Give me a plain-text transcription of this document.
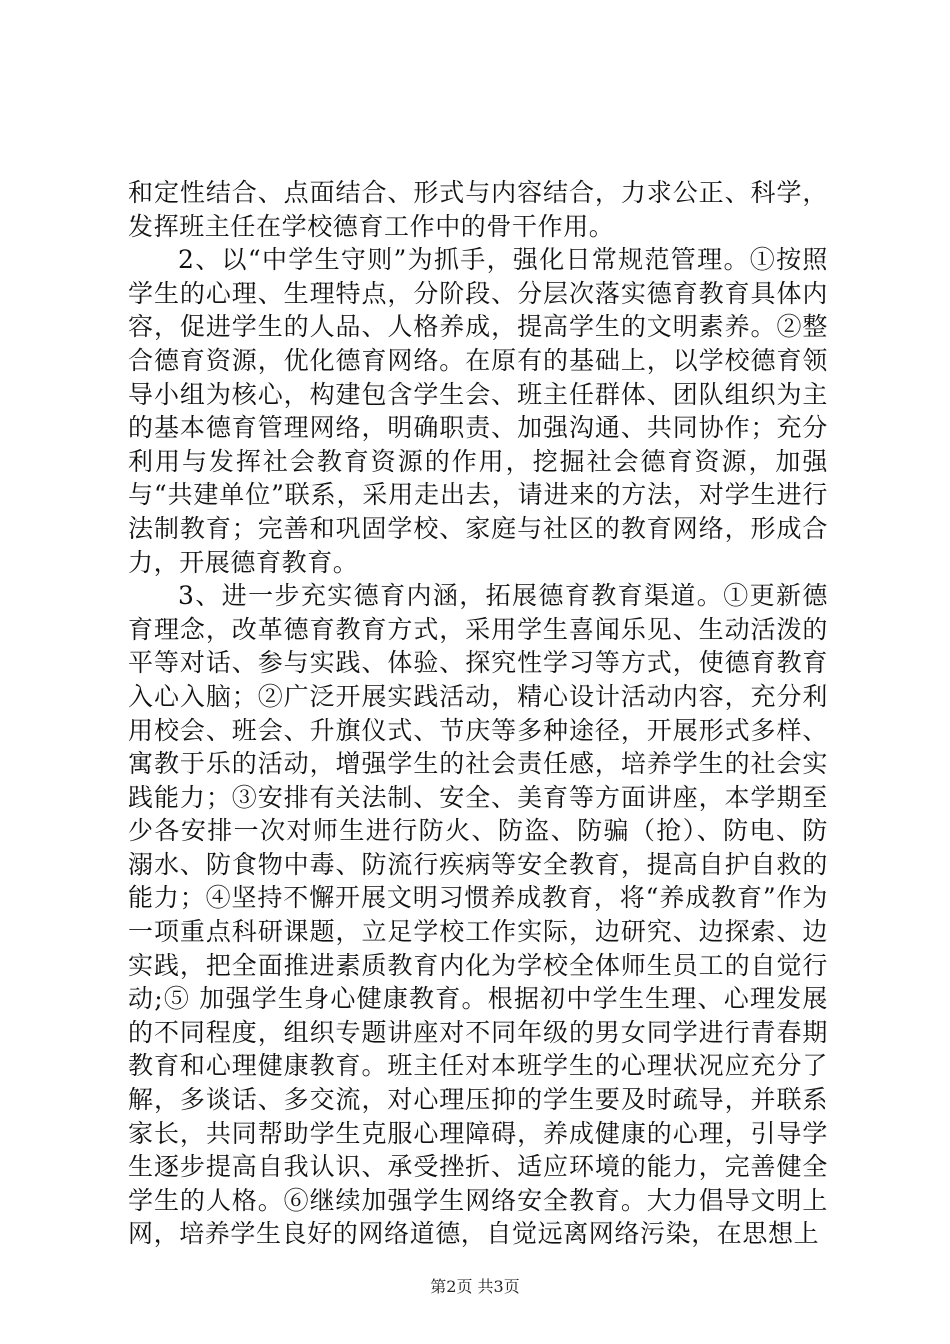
和定性结合、点面结合、形式与内容结合，力求公正、科学，发挥班主任在学校德育工作中的骨干作用。

2、以“中学生守则”为抓手，强化日常规范管理。①按照学生的心理、生理特点，分阶段、分层次落实德育教育具体内容，促进学生的人品、人格养成，提高学生的文明素养。②整合德育资源，优化德育网络。在原有的基础上，以学校德育领导小组为核心，构建包含学生会、班主任群体、团队组织为主的基本德育管理网络，明确职责、加强沟通、共同协作；充分利用与发挥社会教育资源的作用，挖掘社会德育资源，加强与“共建单位”联系，采用走出去，请进来的方法，对学生进行法制教育；完善和巩固学校、家庭与社区的教育网络，形成合力，开展德育教育。

3、进一步充实德育内涵，拓展德育教育渠道。①更新德育理念，改革德育教育方式，采用学生喜闻乐见、生动活泼的平等对话、参与实践、体验、探究性学习等方式，使德育教育入心入脑；②广泛开展实践活动，精心设计活动内容，充分利用校会、班会、升旗仪式、节庆等多种途径，开展形式多样、寓教于乐的活动，增强学生的社会责任感，培养学生的社会实践能力；③安排有关法制、安全、美育等方面讲座，本学期至少各安排一次对师生进行防火、防盗、防骗（抢）、防电、防溺水、防食物中毒、防流行疾病等安全教育，提高自护自救的能力；④坚持不懈开展文明习惯养成教育，将“养成教育”作为一项重点科研课题，立足学校工作实际，边研究、边探索、边实践，把全面推进素质教育内化为学校全体师生员工的自觉行动;⑤ 加强学生身心健康教育。根据初中学生生理、心理发展的不同程度，组织专题讲座对不同年级的男女同学进行青春期教育和心理健康教育。班主任对本班学生的心理状况应充分了解，多谈话、多交流，对心理压抑的学生要及时疏导，并联系家长，共同帮助学生克服心理障碍，养成健康的心理，引导学生逐步提高自我认识、承受挫折、适应环境的能力，完善健全学生的人格。⑥继续加强学生网络安全教育。大力倡导文明上网，培养学生良好的网络道德，自觉远离网络污染，在思想上

第2页 共3页
